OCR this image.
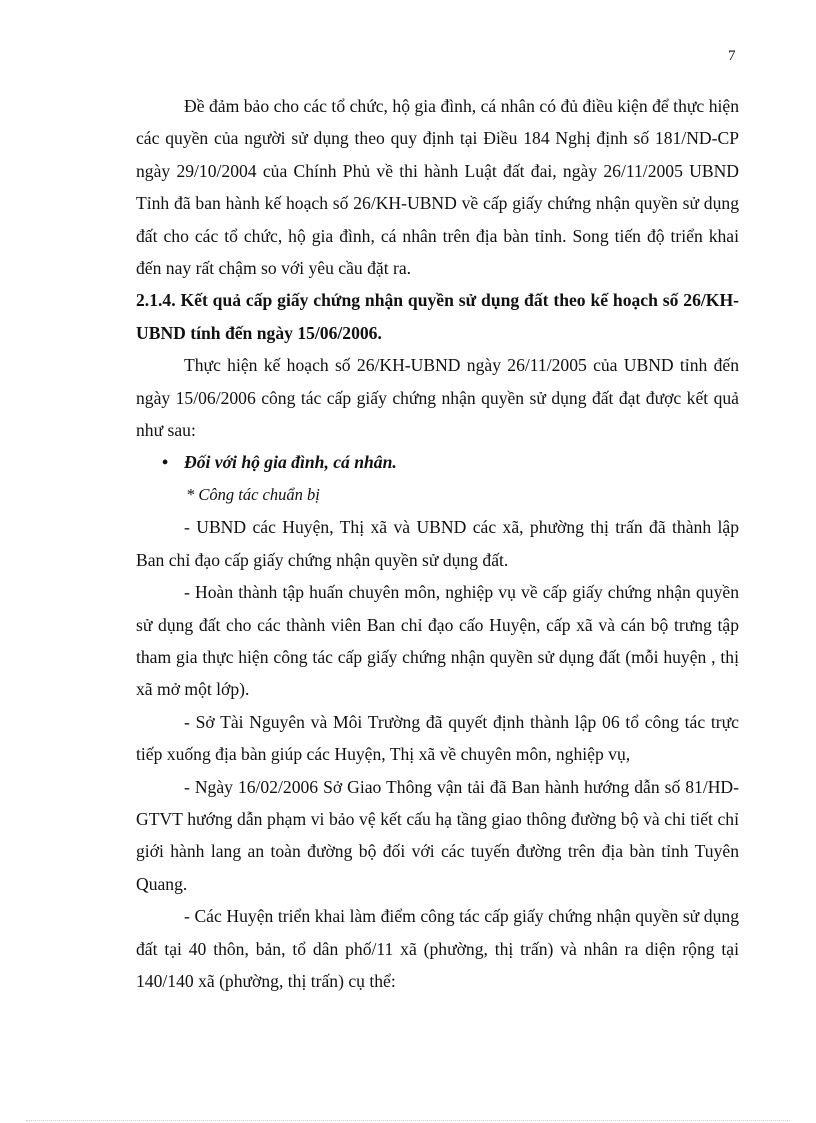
7

Đề đảm bảo cho các tổ chức, hộ gia đình, cá nhân có đủ điều kiện để thực hiện các quyền của người sử dụng theo quy định tại Điều 184 Nghị định số 181/ND-CP ngày 29/10/2004 của Chính Phủ về thi hành Luật đất đai, ngày 26/11/2005 UBND Tỉnh đã ban hành kế hoạch số 26/KH-UBND về cấp giấy chứng nhận quyền sử dụng đất cho các tổ chức, hộ gia đình, cá nhân trên địa bàn tỉnh. Song tiến độ triển khai đến nay rất chậm so với yêu cầu đặt ra.

2.1.4. Kết quả cấp giấy chứng nhận quyền sử dụng đất theo kế hoạch số 26/KH-UBND tính đến ngày 15/06/2006.

Thực hiện kế hoạch số 26/KH-UBND ngày 26/11/2005 của UBND tỉnh đến ngày 15/06/2006 công tác cấp giấy chứng nhận quyền sử dụng đất đạt được kết quả như sau:

• Đối với hộ gia đình, cá nhân.

* Công tác chuẩn bị

- UBND các Huyện, Thị xã và UBND các xã, phường thị trấn đã thành lập Ban chỉ đạo cấp giấy chứng nhận quyền sử dụng đất.

- Hoàn thành tập huấn chuyên môn, nghiệp vụ về cấp giấy chứng nhận quyền sử dụng đất cho các thành viên Ban chỉ đạo cấo Huyện, cấp xã và cán bộ trưng tập tham gia thực hiện công tác cấp giấy chứng nhận quyền sử dụng đất (mỗi huyện , thị xã mở một lớp).

- Sở Tài Nguyên và Môi Trường đã quyết định thành lập 06 tổ công tác trực tiếp xuống địa bàn giúp các Huyện, Thị xã về chuyên môn, nghiệp vụ,

- Ngày 16/02/2006 Sở Giao Thông vận tải đã Ban hành hướng dẫn số 81/HD-GTVT hướng dẫn phạm vi bảo vệ kết cấu hạ tầng giao thông đường bộ và chi tiết chỉ giới hành lang an toàn đường bộ đối với các tuyến đường trên địa bàn tỉnh Tuyên Quang.

- Các Huyện triển khai làm điểm công tác cấp giấy chứng nhận quyền sử dụng đất tại 40 thôn, bản, tổ dân phố/11 xã (phường, thị trấn) và nhân ra diện rộng tại 140/140 xã (phường, thị trấn) cụ thể:
